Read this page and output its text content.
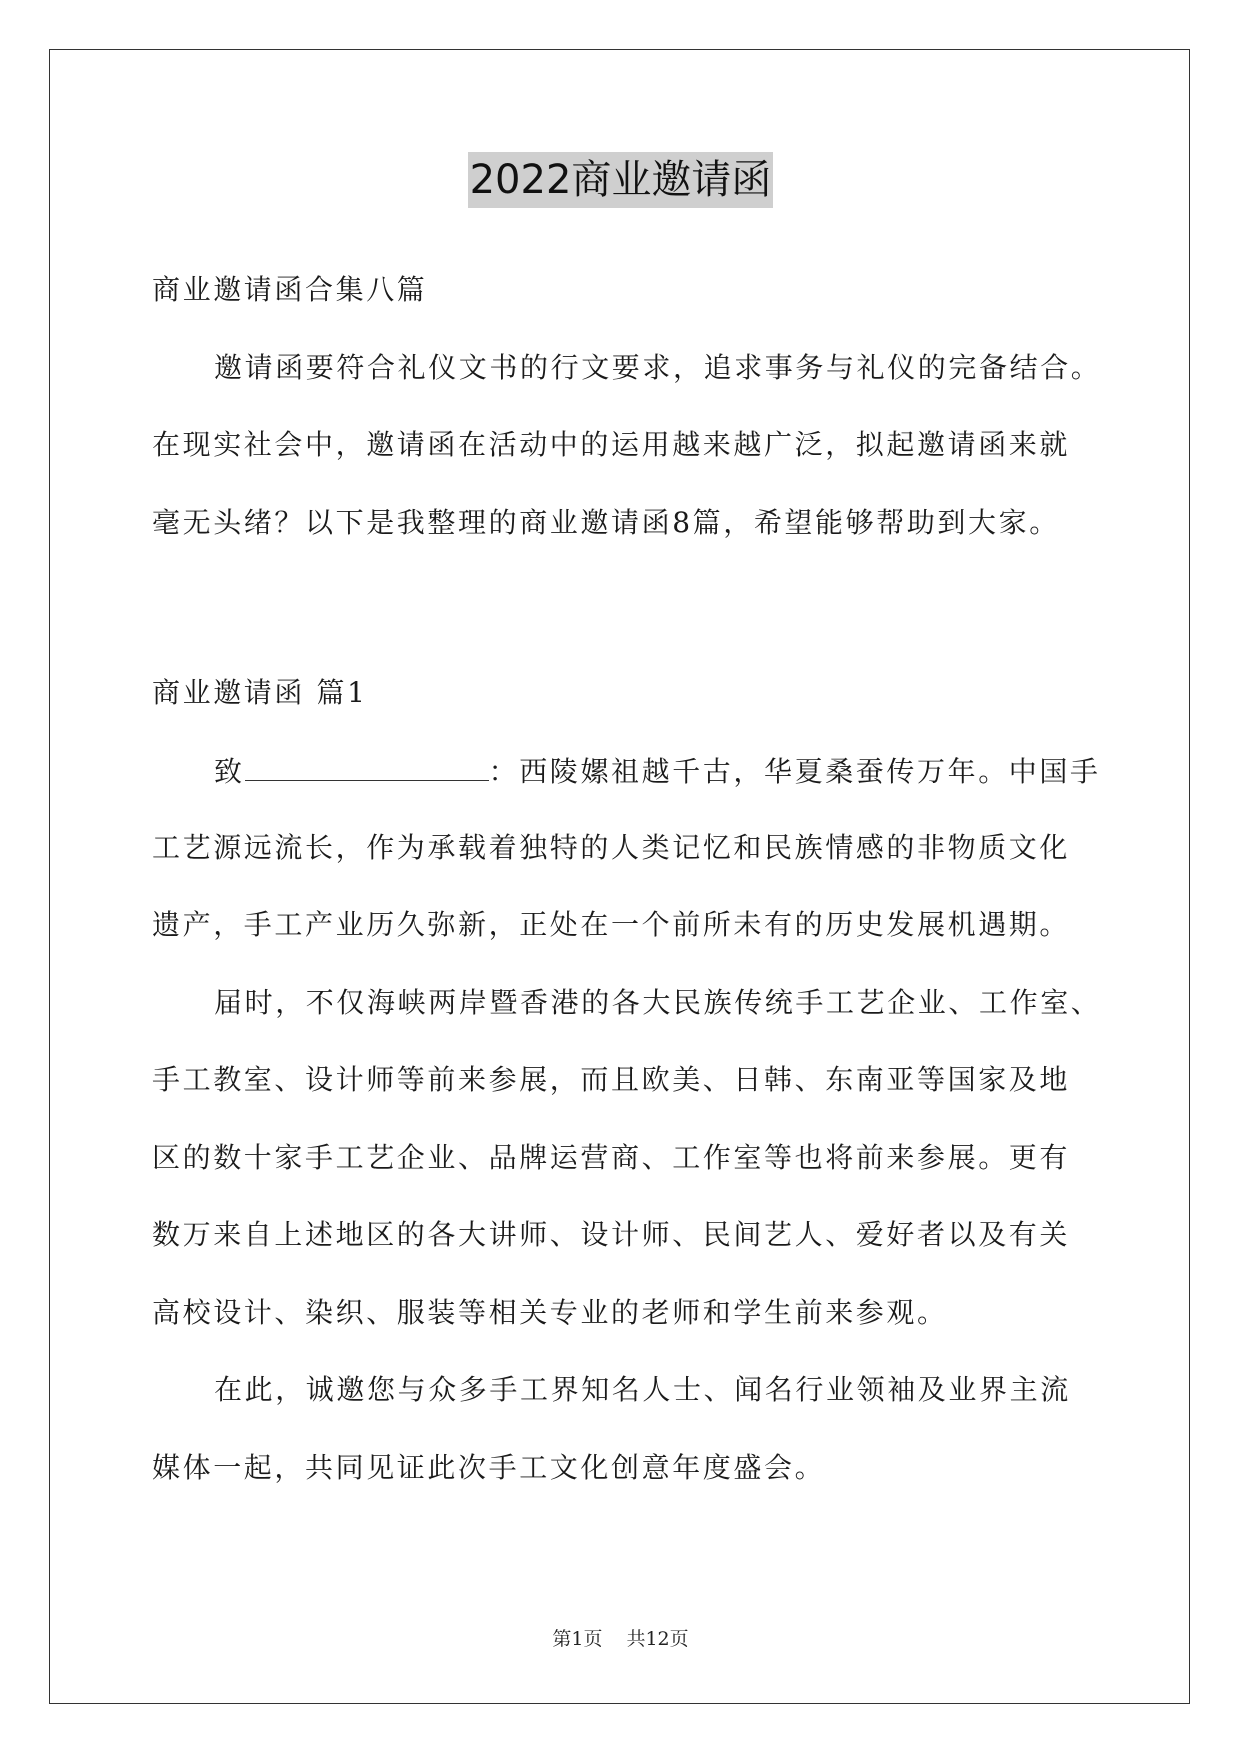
2022商业邀请函
商业邀请函合集八篇
邀请函要符合礼仪文书的行文要求，追求事务与礼仪的完备结合。
在现实社会中，邀请函在活动中的运用越来越广泛，拟起邀请函来就
毫无头绪？以下是我整理的商业邀请函8篇，希望能够帮助到大家。
商业邀请函 篇1
致	：西陵嫘祖越千古，华夏桑蚕传万年。中国手
工艺源远流长，作为承载着独特的人类记忆和民族情感的非物质文化
遗产，手工产业历久弥新，正处在一个前所未有的历史发展机遇期。
届时，不仅海峡两岸暨香港的各大民族传统手工艺企业、工作室、
手工教室、设计师等前来参展，而且欧美、日韩、东南亚等国家及地
区的数十家手工艺企业、品牌运营商、工作室等也将前来参展。更有
数万来自上述地区的各大讲师、设计师、民间艺人、爱好者以及有关
高校设计、染织、服装等相关专业的老师和学生前来参观。
在此，诚邀您与众多手工界知名人士、闻名行业领袖及业界主流
媒体一起，共同见证此次手工文化创意年度盛会。
第1页 共12页
